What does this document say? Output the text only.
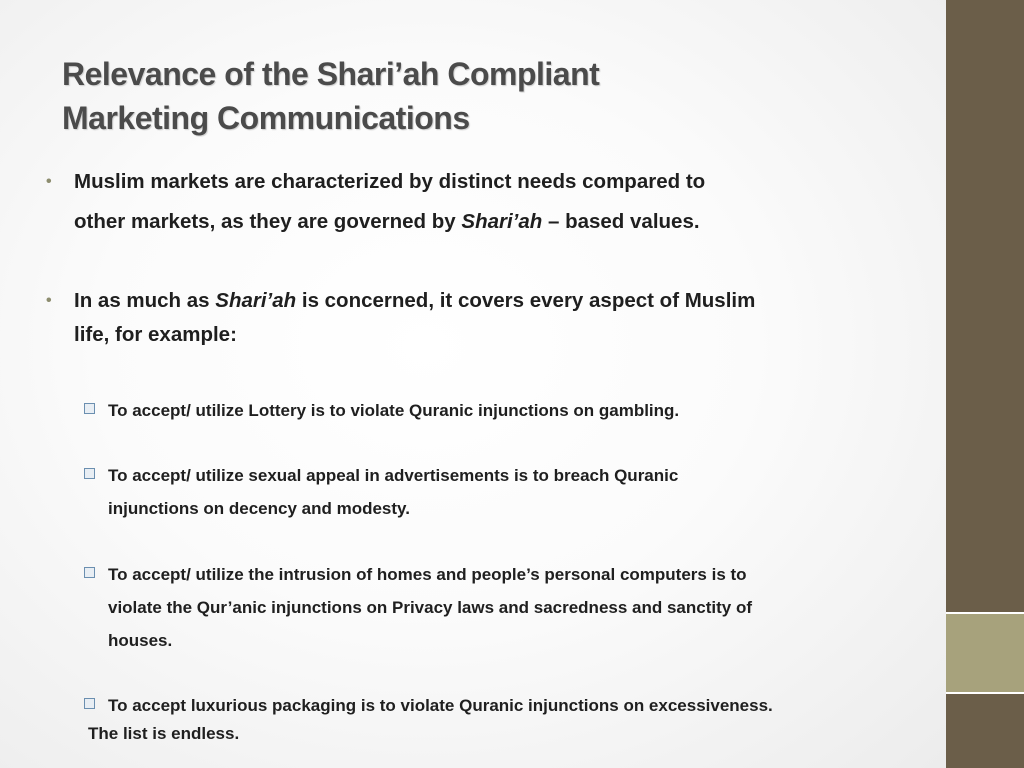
Relevance of the Shari’ah Compliant
Marketing Communications
• Muslim markets are characterized by distinct needs compared to
other markets, as they are governed by Shari’ah – based values.
• In as much as Shari’ah is concerned, it covers every aspect of Muslim
life, for example:
To accept/ utilize Lottery is to violate Quranic injunctions on gambling.
To accept/ utilize sexual appeal in advertisements is to breach Quranic
injunctions on decency and modesty.
To accept/ utilize the intrusion of homes and people’s personal computers is to
violate the Qur’anic injunctions on Privacy laws and sacredness and sanctity of
houses.
To accept luxurious packaging is to violate Quranic injunctions on excessiveness.
The list is endless.
